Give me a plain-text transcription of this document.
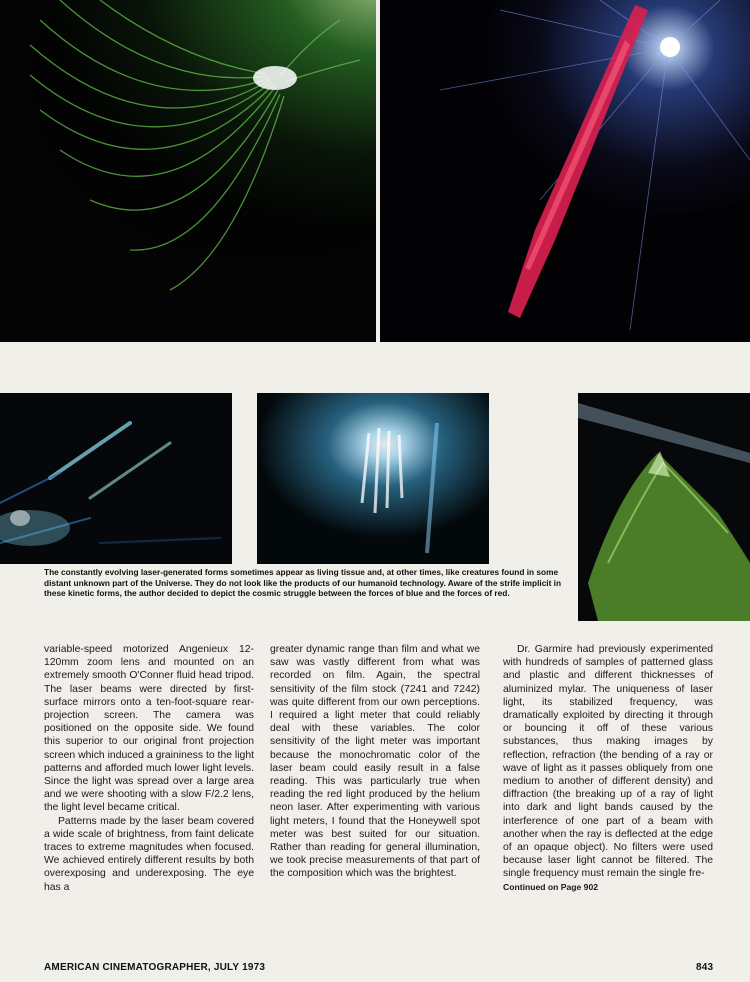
The constantly evolving laser-generated forms sometimes appear as living tissue and, at other times, like creatures found in some distant unknown part of the Universe. They do not look like the products of our humanoid technology. Aware of the strife implicit in these kinetic forms, the author decided to depict the cosmic struggle between the forces of blue and the forces of red.

variable-speed motorized Angenieux 12-120mm zoom lens and mounted on an extremely smooth O'Conner fluid head tripod. The laser beams were directed by first-surface mirrors onto a ten-foot-square rear-projection screen. The camera was positioned on the opposite side. We found this superior to our original front projection screen which induced a graininess to the light patterns and afforded much lower light levels. Since the light was spread over a large area and we were shooting with a slow F/2.2 lens, the light level became critical.

Patterns made by the laser beam covered a wide scale of brightness, from faint delicate traces to extreme magnitudes when focused. We achieved entirely different results by both overexposing and underexposing. The eye has a

greater dynamic range than film and what we saw was vastly different from what was recorded on film. Again, the spectral sensitivity of the film stock (7241 and 7242) was quite different from our own perceptions. I required a light meter that could reliably deal with these variables. The color sensitivity of the light meter was important because the monochromatic color of the laser beam could easily result in a false reading. This was particularly true when reading the red light produced by the helium neon laser. After experimenting with various light meters, I found that the Honeywell spot meter was best suited for our situation. Rather than reading for general illumination, we took precise measurements of that part of the composition which was the brightest.

Dr. Garmire had previously experimented with hundreds of samples of patterned glass and plastic and different thicknesses of aluminized mylar. The uniqueness of laser light, its stabilized frequency, was dramatically exploited by directing it through or bouncing it off of these various substances, thus making images by reflection, refraction (the bending of a ray or wave of light as it passes obliquely from one medium to another of different density) and diffraction (the breaking up of a ray of light into dark and light bands caused by the interference of one part of a beam with another when the ray is deflected at the edge of an opaque object). No filters were used because laser light cannot be filtered. The single frequency must remain the single fre-

Continued on Page 902
AMERICAN CINEMATOGRAPHER, JULY 1973	843
